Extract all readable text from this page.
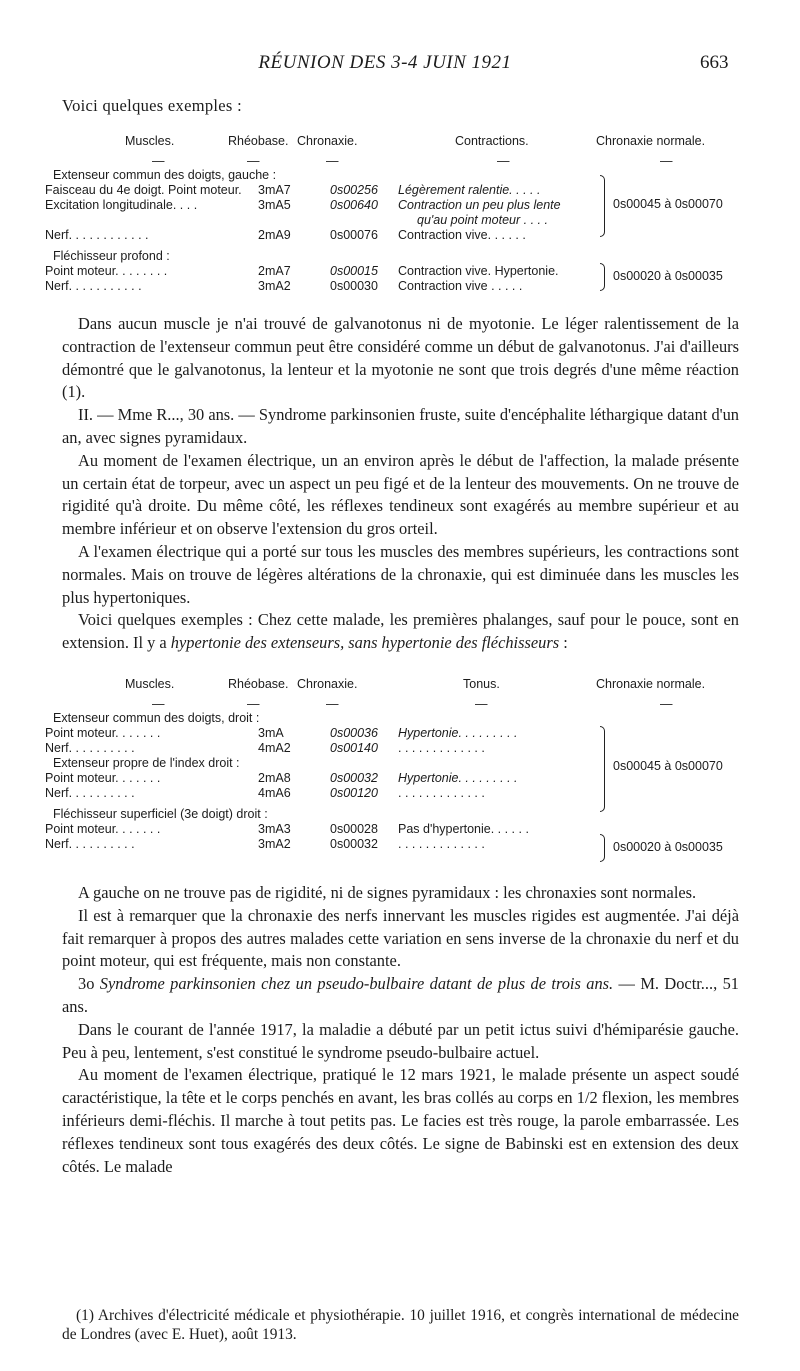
RÉUNION DES 3-4 JUIN 1921	663
Voici quelques exemples :
Muscles.	Rhéobase. Chronaxie.	Contractions.	Chronaxie normale.
—	—	—	—	—
Extenseur commun des doigts, gauche :
Faisceau du 4e doigt. Point moteur. 3mA7	0s00256 Légèrement ralentie. . . . .
Excitation longitudinale. . . .	3mA5	0s00640 Contraction un peu plus lente
qu'au point moteur . . . .
Nerf. . . . . . . . . . . .	2mA9	0s00076 Contraction vive. . . . . .
0s00045 à 0s00070
Fléchisseur profond :
Point moteur. . . . . . . .	2mA7	0s00015 Contraction vive. Hypertonie.
Nerf. . . . . . . . . . .	3mA2	0s00030 Contraction vive . . . . .
0s00020 à 0s00035

Dans aucun muscle je n'ai trouvé de galvanotonus ni de myotonie. Le léger ralentissement de la contraction de l'extenseur commun peut être considéré comme un début de galvanotonus. J'ai d'ailleurs démontré que le galvanotonus, la lenteur et la myotonie ne sont que trois degrés d'une même réaction (1).

II. — Mme R..., 30 ans. — Syndrome parkinsonien fruste, suite d'encéphalite léthargique datant d'un an, avec signes pyramidaux.

Au moment de l'examen électrique, un an environ après le début de l'affection, la malade présente un certain état de torpeur, avec un aspect un peu figé et de la lenteur des mouvements. On ne trouve de rigidité qu'à droite. Du même côté, les réflexes tendineux sont exagérés au membre supérieur et au membre inférieur et on observe l'extension du gros orteil.

A l'examen électrique qui a porté sur tous les muscles des membres supérieurs, les contractions sont normales. Mais on trouve de légères altérations de la chronaxie, qui est diminuée dans les muscles les plus hypertoniques.

Voici quelques exemples : Chez cette malade, les premières phalanges, sauf pour le pouce, sont en extension. Il y a hypertonie des extenseurs, sans hypertonie des fléchisseurs :

Muscles.	Rhéobase. Chronaxie.	Tonus.	Chronaxie normale.
—	—	—	—	—
Extenseur commun des doigts, droit :
Point moteur. . . . . . .	3mA	0s00036 Hypertonie. . . . . . . . .
Nerf. . . . . . . . . .	4mA2	0s00140 . . . . . . . . . . . . .
Extenseur propre de l'index droit :
Point moteur. . . . . . .	2mA8	0s00032 Hypertonie. . . . . . . . .
Nerf. . . . . . . . . .	4mA6	0s00120 . . . . . . . . . . . . .
0s00045 à 0s00070
Fléchisseur superficiel (3e doigt) droit :
Point moteur. . . . . . .	3mA3	0s00028 Pas d'hypertonie. . . . . .
Nerf. . . . . . . . . .	3mA2	0s00032 . . . . . . . . . . . . .	0s00020 à 0s00035

A gauche on ne trouve pas de rigidité, ni de signes pyramidaux : les chronaxies sont normales.

Il est à remarquer que la chronaxie des nerfs innervant les muscles rigides est augmentée. J'ai déjà fait remarquer à propos des autres malades cette variation en sens inverse de la chronaxie du nerf et du point moteur, qui est fréquente, mais non constante.

3o Syndrome parkinsonien chez un pseudo-bulbaire datant de plus de trois ans. — M. Doctr..., 51 ans.

Dans le courant de l'année 1917, la maladie a débuté par un petit ictus suivi d'hémiparésie gauche. Peu à peu, lentement, s'est constitué le syndrome pseudo-bulbaire actuel.

Au moment de l'examen électrique, pratiqué le 12 mars 1921, le malade présente un aspect soudé caractéristique, la tête et le corps penchés en avant, les bras collés au corps en 1/2 flexion, les membres inférieurs demi-fléchis. Il marche à tout petits pas. Le facies est très rouge, la parole embarrassée. Les réflexes tendineux sont tous exagérés des deux côtés. Le signe de Babinski est en extension des deux côtés. Le malade

(1) Archives d'électricité médicale et physiothérapie. 10 juillet 1916, et congrès international de médecine de Londres (avec E. Huet), août 1913.
